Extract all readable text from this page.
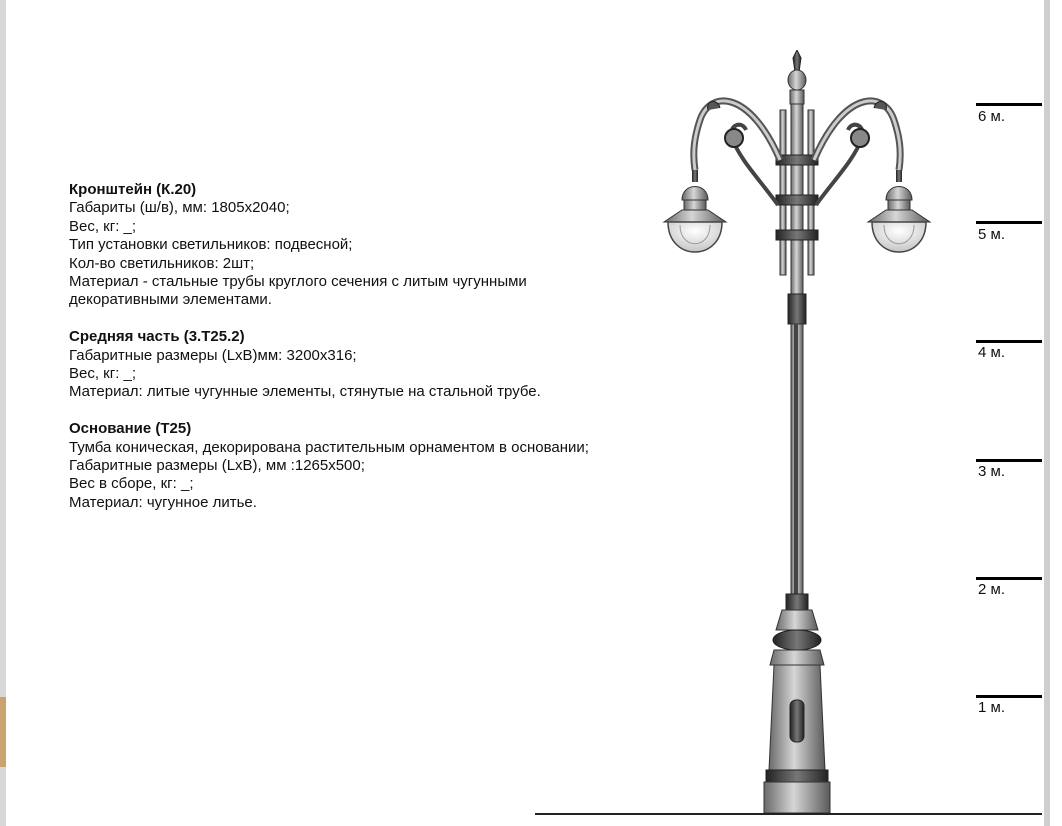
Кронштейн (К.20)
Габариты (ш/в), мм: 1805х2040;
Вес, кг: _;
Тип установки светильников: подвесной;
Кол-во светильников: 2шт;
Материал - стальные трубы круглого сечения с литым чугунными декоративными элементами.
Средняя часть (3.Т25.2)
Габаритные размеры (LxB)мм: 3200х316;
Вес, кг: _;
Материал: литые чугунные элементы, стянутые на стальной трубе.
Основание (Т25)
Тумба коническая, декорирована растительным орнаментом в основании;
Габаритные размеры (LxB), мм :1265х500;
Вес в сборе, кг: _;
Материал: чугунное литье.
6 м.
5 м.
4 м.
3 м.
2 м.
1 м.
